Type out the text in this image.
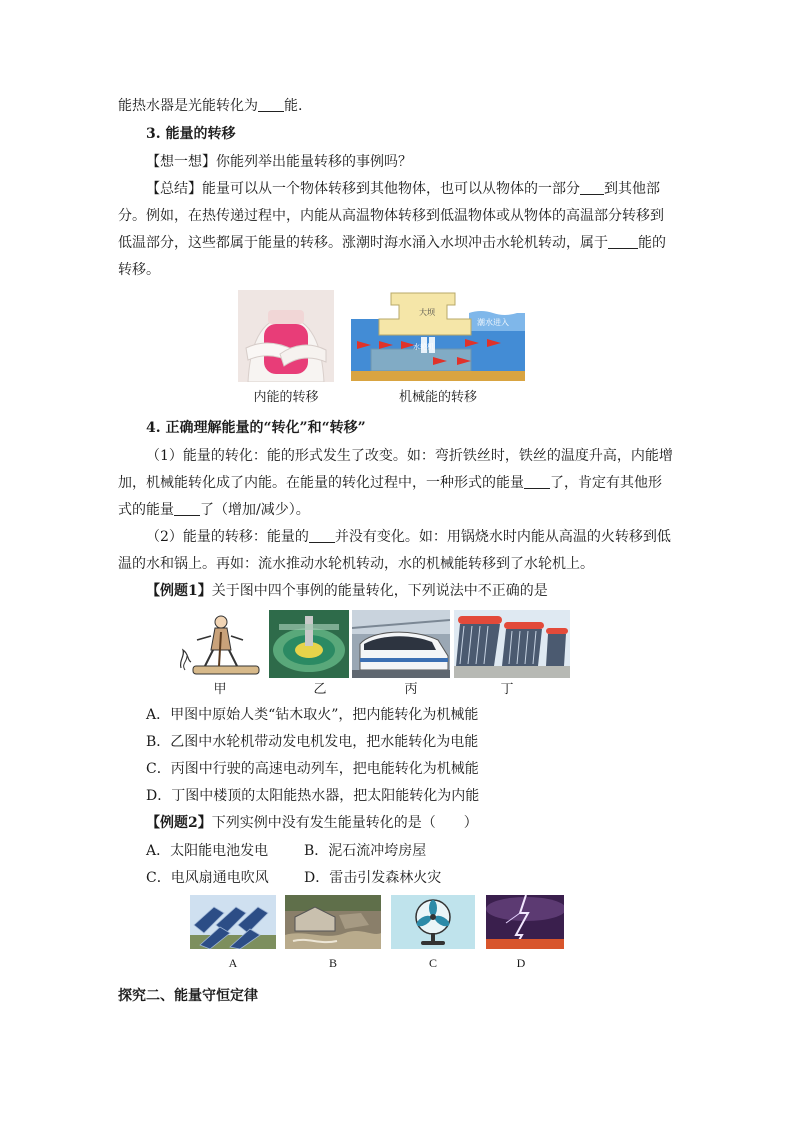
能热水器是光能转化为 能.
3. 能量的转移
【想一想】你能列举出能量转移的事例吗？
【总结】能量可以从一个物体转移到其他物体，也可以从物体的一部分 到其他部
分。例如，在热传递过程中，内能从高温物体转移到低温物体或从物体的高温部分转移到
低温部分，这些都属于能量的转移。涨潮时海水涌入水坝冲击水轮机转动，属于 能的
转移。
内能的转移
大坝
潮水进入
水轮机
机械能的转移
4. 正确理解能量的“转化”和“转移”
（1）能量的转化：能的形式发生了改变。如：弯折铁丝时，铁丝的温度升高，内能增
加，机械能转化成了内能。在能量的转化过程中，一种形式的能量 了，肯定有其他形
式的能量 了（增加/减少）。
（2）能量的转移：能量的 并没有变化。如：用锅烧水时内能从高温的火转移到低
温的水和锅上。再如：流水推动水轮机转动，水的机械能转移到了水轮机上。
【例题1】关于图中四个事例的能量转化，下列说法中不正确的是
甲	乙	丙	丁
A．甲图中原始人类“钻木取火”，把内能转化为机械能
B．乙图中水轮机带动发电机发电，把水能转化为电能
C．丙图中行驶的高速电动列车，把电能转化为机械能
D．丁图中楼顶的太阳能热水器，把太阳能转化为内能
【例题2】下列实例中没有发生能量转化的是（　　）
A．太阳能电池发电	B．泥石流冲垮房屋
C．电风扇通电吹风	D．雷击引发森林火灾
A	B	C	D
探究二、能量守恒定律
